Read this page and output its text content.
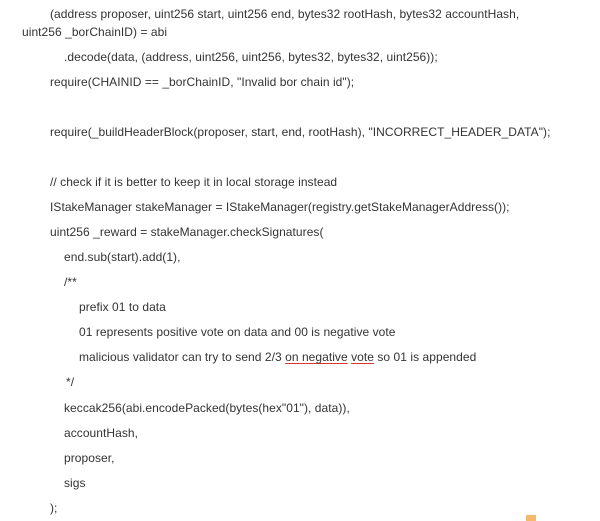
(address proposer, uint256 start, uint256 end, bytes32 rootHash, bytes32 accountHash,
uint256 _borChainID) = abi
.decode(data, (address, uint256, uint256, bytes32, bytes32, uint256));
require(CHAINID == _borChainID, "Invalid bor chain id");
require(_buildHeaderBlock(proposer, start, end, rootHash), "INCORRECT_HEADER_DATA");
// check if it is better to keep it in local storage instead
IStakeManager stakeManager = IStakeManager(registry.getStakeManagerAddress());
uint256 _reward = stakeManager.checkSignatures(
end.sub(start).add(1),
/**
prefix 01 to data
01 represents positive vote on data and 00 is negative vote
malicious validator can try to send 2/3 on negative vote so 01 is appended
*/
keccak256(abi.encodePacked(bytes(hex"01"), data)),
accountHash,
proposer,
sigs
);
